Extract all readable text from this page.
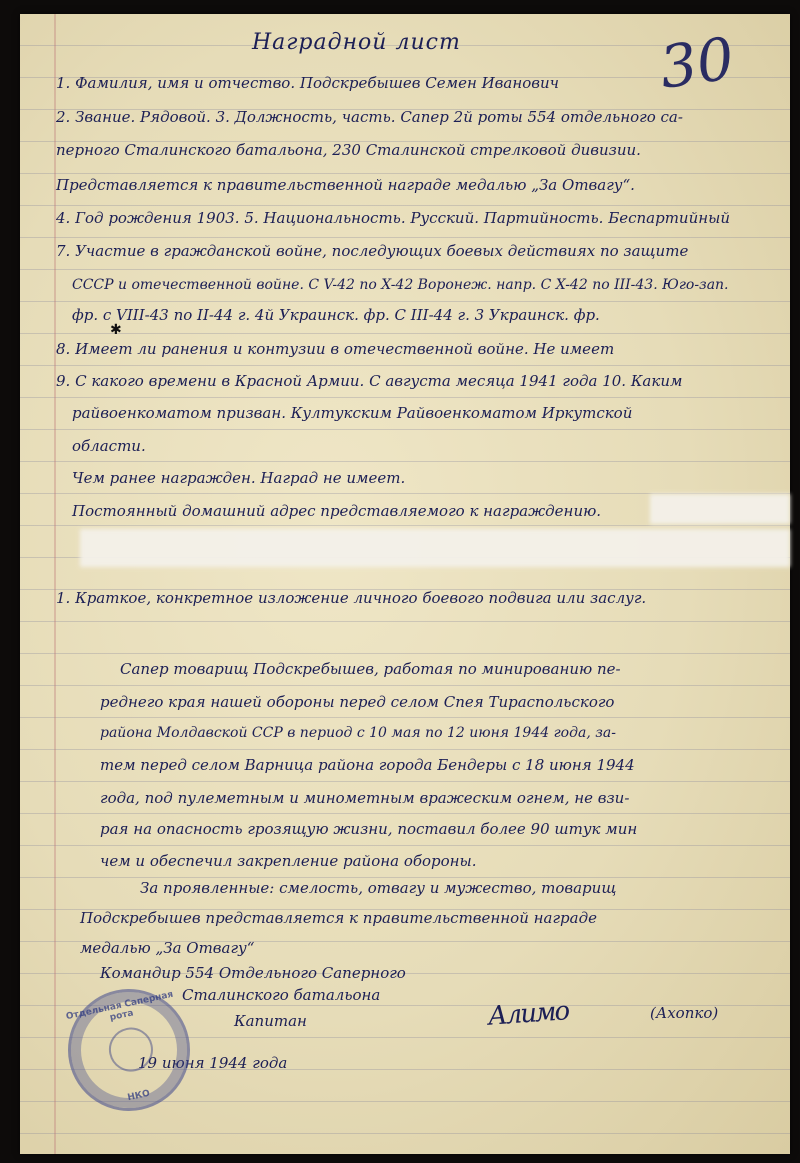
Наградной лист	30
1. Фамилия, имя и отчество. Подскребышев Семен Иванович
2. Звание. Рядовой. 3. Должность, часть. Сапер 2й роты 554 отдельного са-
перного Сталинского батальона, 230 Сталинской стрелковой дивизии.
Представляется к правительственной награде медалью „За Отвагу“.
4. Год рождения 1903. 5. Национальность. Русский. Партийность. Беспартийный
7. Участие в гражданской войне, последующих боевых действиях по защите
СССР и отечественной войне. С V-42 по X-42 Воронеж. напр. С X-42 по III-43. Юго-зап.
фр. с VIII-43 по II-44 г. 4й Украинск. фр. С III-44 г. 3 Украинск. фр.
✱
8. Имеет ли ранения и контузии в отечественной войне. Не имеет
9. С какого времени в Красной Армии. С августа месяца 1941 года 10. Каким
райвоенкоматом призван. Култукским Райвоенкоматом Иркутской
области.
Чем ранее награжден. Наград не имеет.
Постоянный домашний адрес представляемого к награждению.
1. Краткое, конкретное изложение личного боевого подвига или заслуг.
Сапер товарищ Подскребышев, работая по минированию пе-
реднего края нашей обороны перед селом Спея Тираспольского
района Молдавской ССР в период с 10 мая по 12 июня 1944 года, за-
тем перед селом Варница района города Бендеры с 18 июня 1944
года, под пулеметным и минометным вражеским огнем, не взи-
рая на опасность грозящую жизни, поставил более 90 штук мин
чем и обеспечил закрепление района обороны.
За проявленные: смелость, отвагу и мужество, товарищ
Подскребышев представляется к правительственной награде
медалью „За Отвагу“
Командир 554 Отдельного Саперного
Сталинского батальона
Капитан	Алимо	(Ахопко)
19 июня 1944 года
Отдельная Саперная рота
НКО
